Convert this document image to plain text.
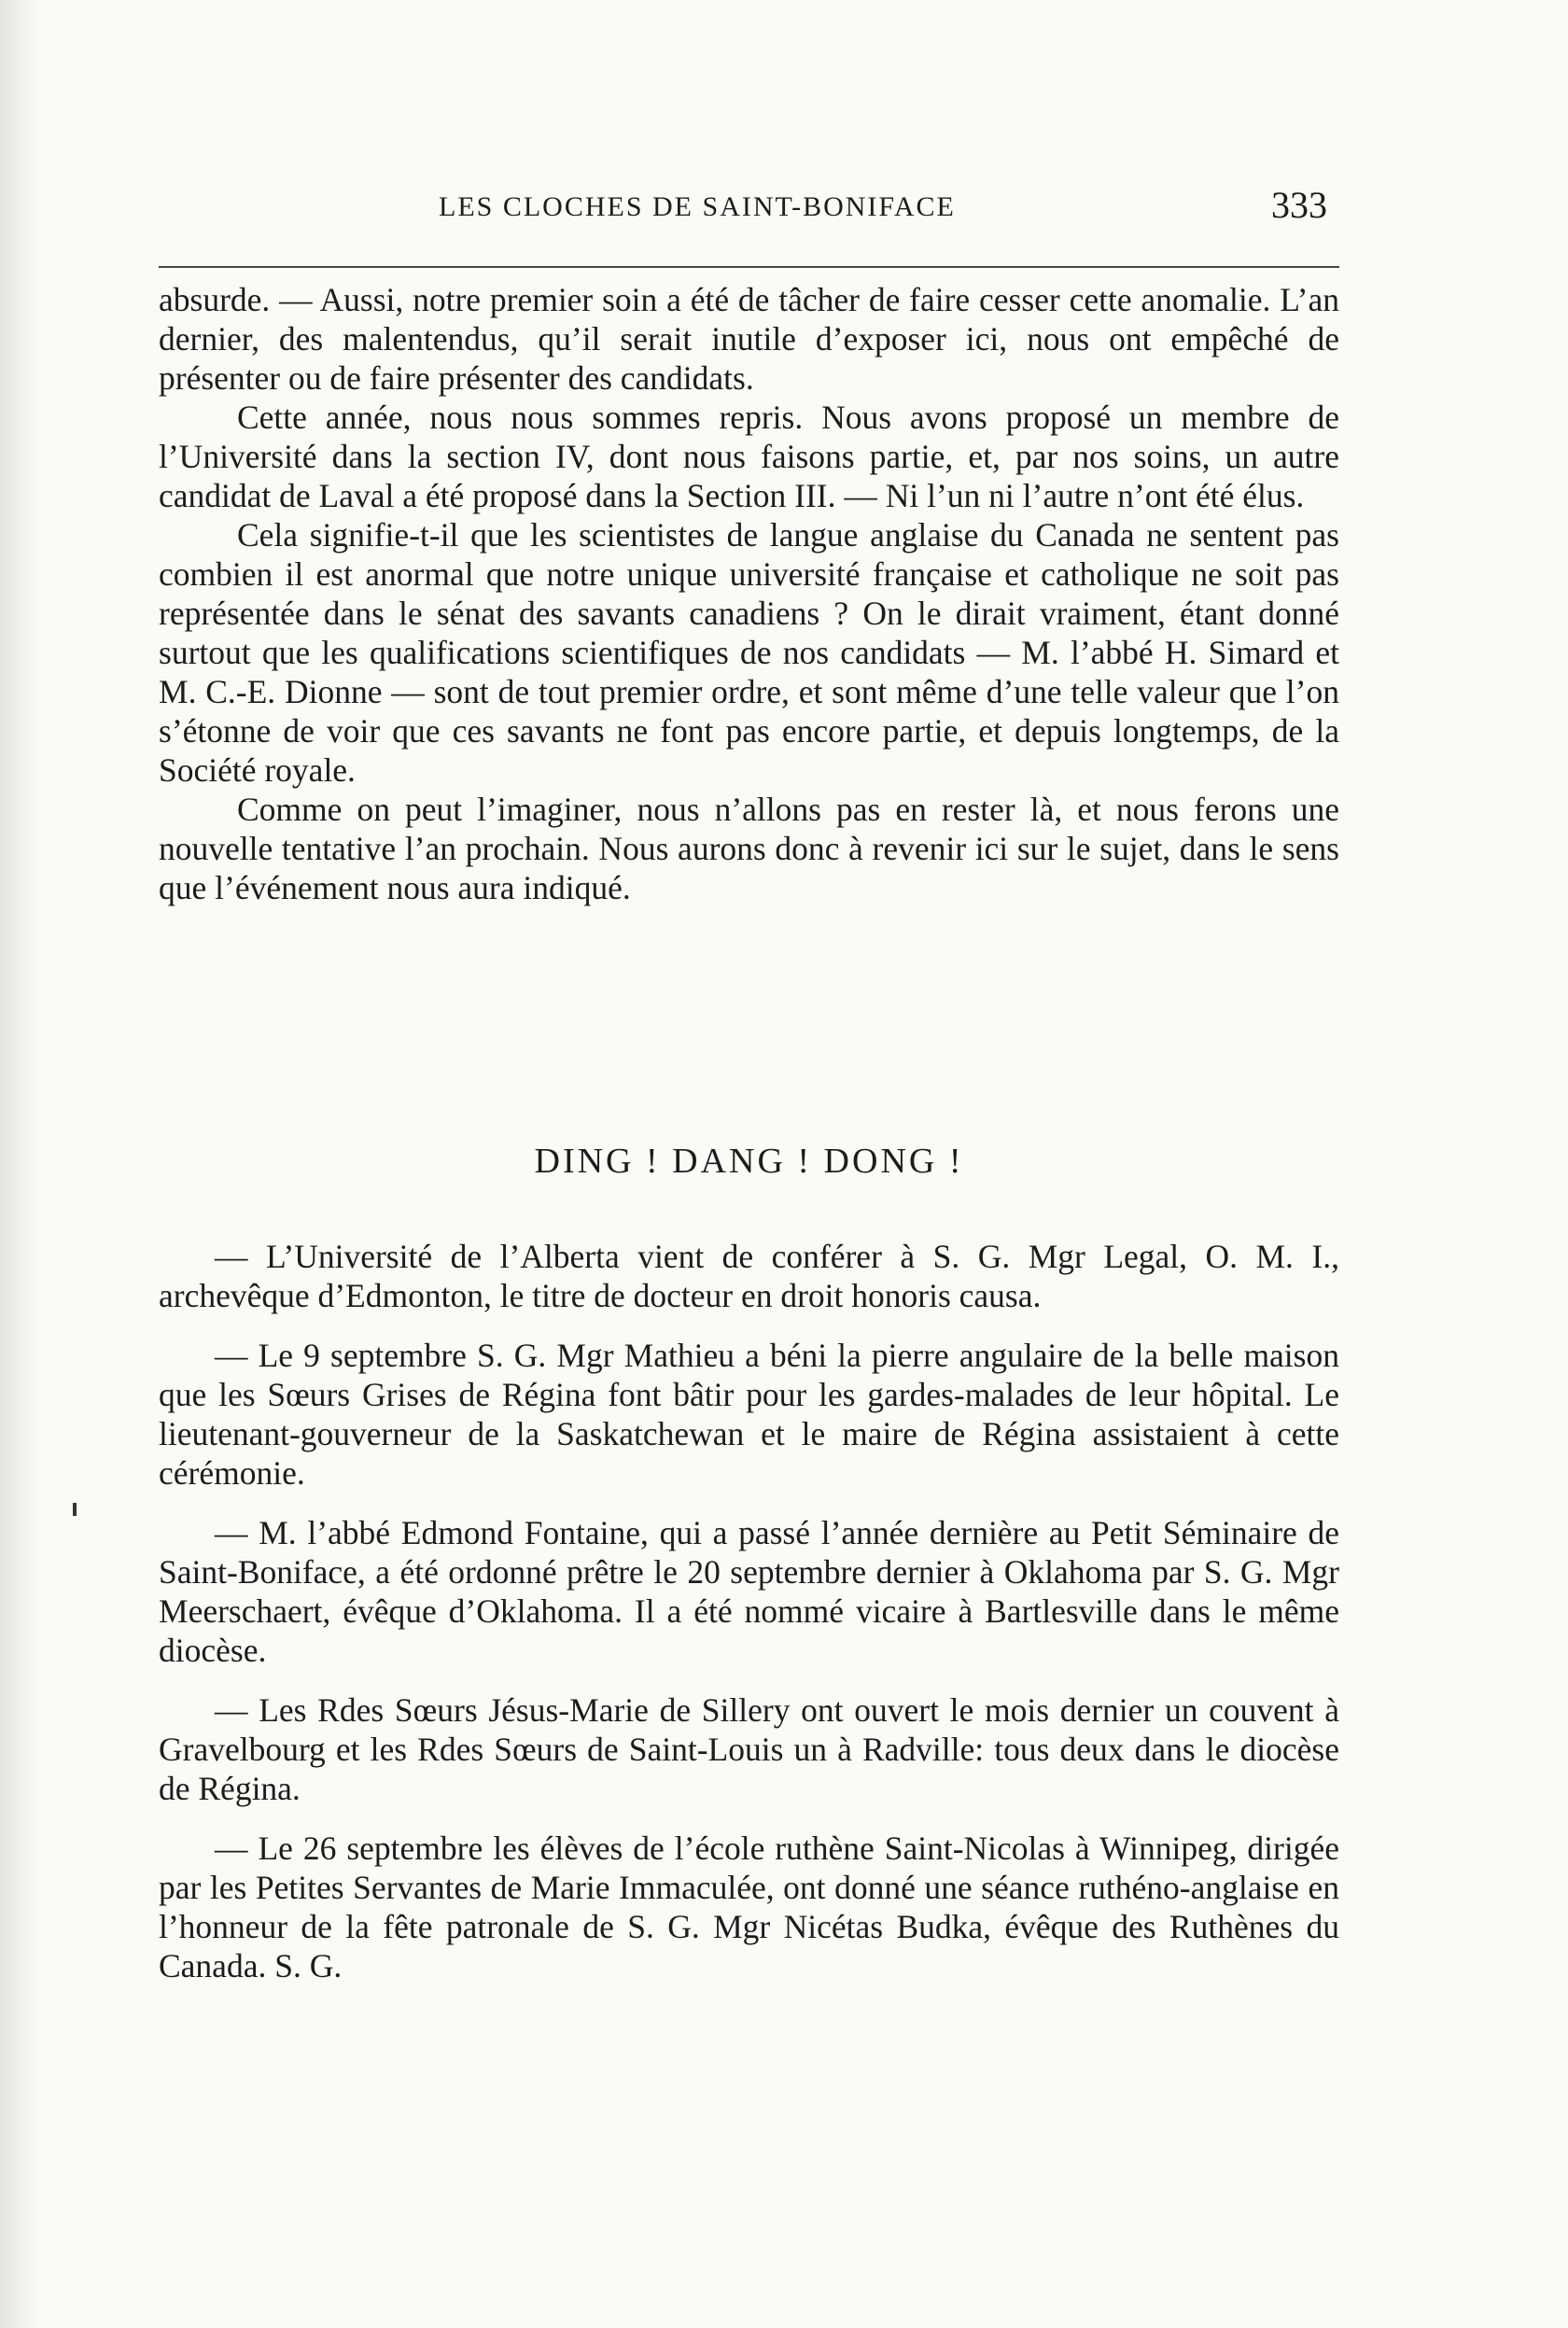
LES CLOCHES DE SAINT-BONIFACE	333

absurde. — Aussi, notre premier soin a été de tâcher de faire cesser cette anomalie. L’an dernier, des malentendus, qu’il serait inutile d’exposer ici, nous ont empêché de présenter ou de faire présenter des candidats.

Cette année, nous nous sommes repris. Nous avons proposé un membre de l’Université dans la section IV, dont nous faisons partie, et, par nos soins, un autre candidat de Laval a été proposé dans la Section III. — Ni l’un ni l’autre n’ont été élus.

Cela signifie-t-il que les scientistes de langue anglaise du Canada ne sentent pas combien il est anormal que notre unique université française et catholique ne soit pas représentée dans le sénat des savants canadiens ? On le dirait vraiment, étant donné surtout que les qualifications scientifiques de nos candidats — M. l’abbé H. Simard et M. C.-E. Dionne — sont de tout premier ordre, et sont même d’une telle valeur que l’on s’étonne de voir que ces savants ne font pas encore partie, et depuis longtemps, de la Société royale.

Comme on peut l’imaginer, nous n’allons pas en rester là, et nous ferons une nouvelle tentative l’an prochain. Nous aurons donc à revenir ici sur le sujet, dans le sens que l’événement nous aura indiqué.

DING ! DANG ! DONG !

— L’Université de l’Alberta vient de conférer à S. G. Mgr Legal, O. M. I., archevêque d’Edmonton, le titre de docteur en droit honoris causa.

— Le 9 septembre S. G. Mgr Mathieu a béni la pierre angulaire de la belle maison que les Sœurs Grises de Régina font bâtir pour les gardes-malades de leur hôpital. Le lieutenant-gouverneur de la Saskatchewan et le maire de Régina assistaient à cette cérémonie.

— M. l’abbé Edmond Fontaine, qui a passé l’année dernière au Petit Séminaire de Saint-Boniface, a été ordonné prêtre le 20 septembre dernier à Oklahoma par S. G. Mgr Meerschaert, évêque d’Oklahoma. Il a été nommé vicaire à Bartlesville dans le même diocèse.

— Les Rdes Sœurs Jésus-Marie de Sillery ont ouvert le mois dernier un couvent à Gravelbourg et les Rdes Sœurs de Saint-Louis un à Radville: tous deux dans le diocèse de Régina.

— Le 26 septembre les élèves de l’école ruthène Saint-Nicolas à Winnipeg, dirigée par les Petites Servantes de Marie Immaculée, ont donné une séance ruthéno-anglaise en l’honneur de la fête patronale de S. G. Mgr Nicétas Budka, évêque des Ruthènes du Canada. S. G.
